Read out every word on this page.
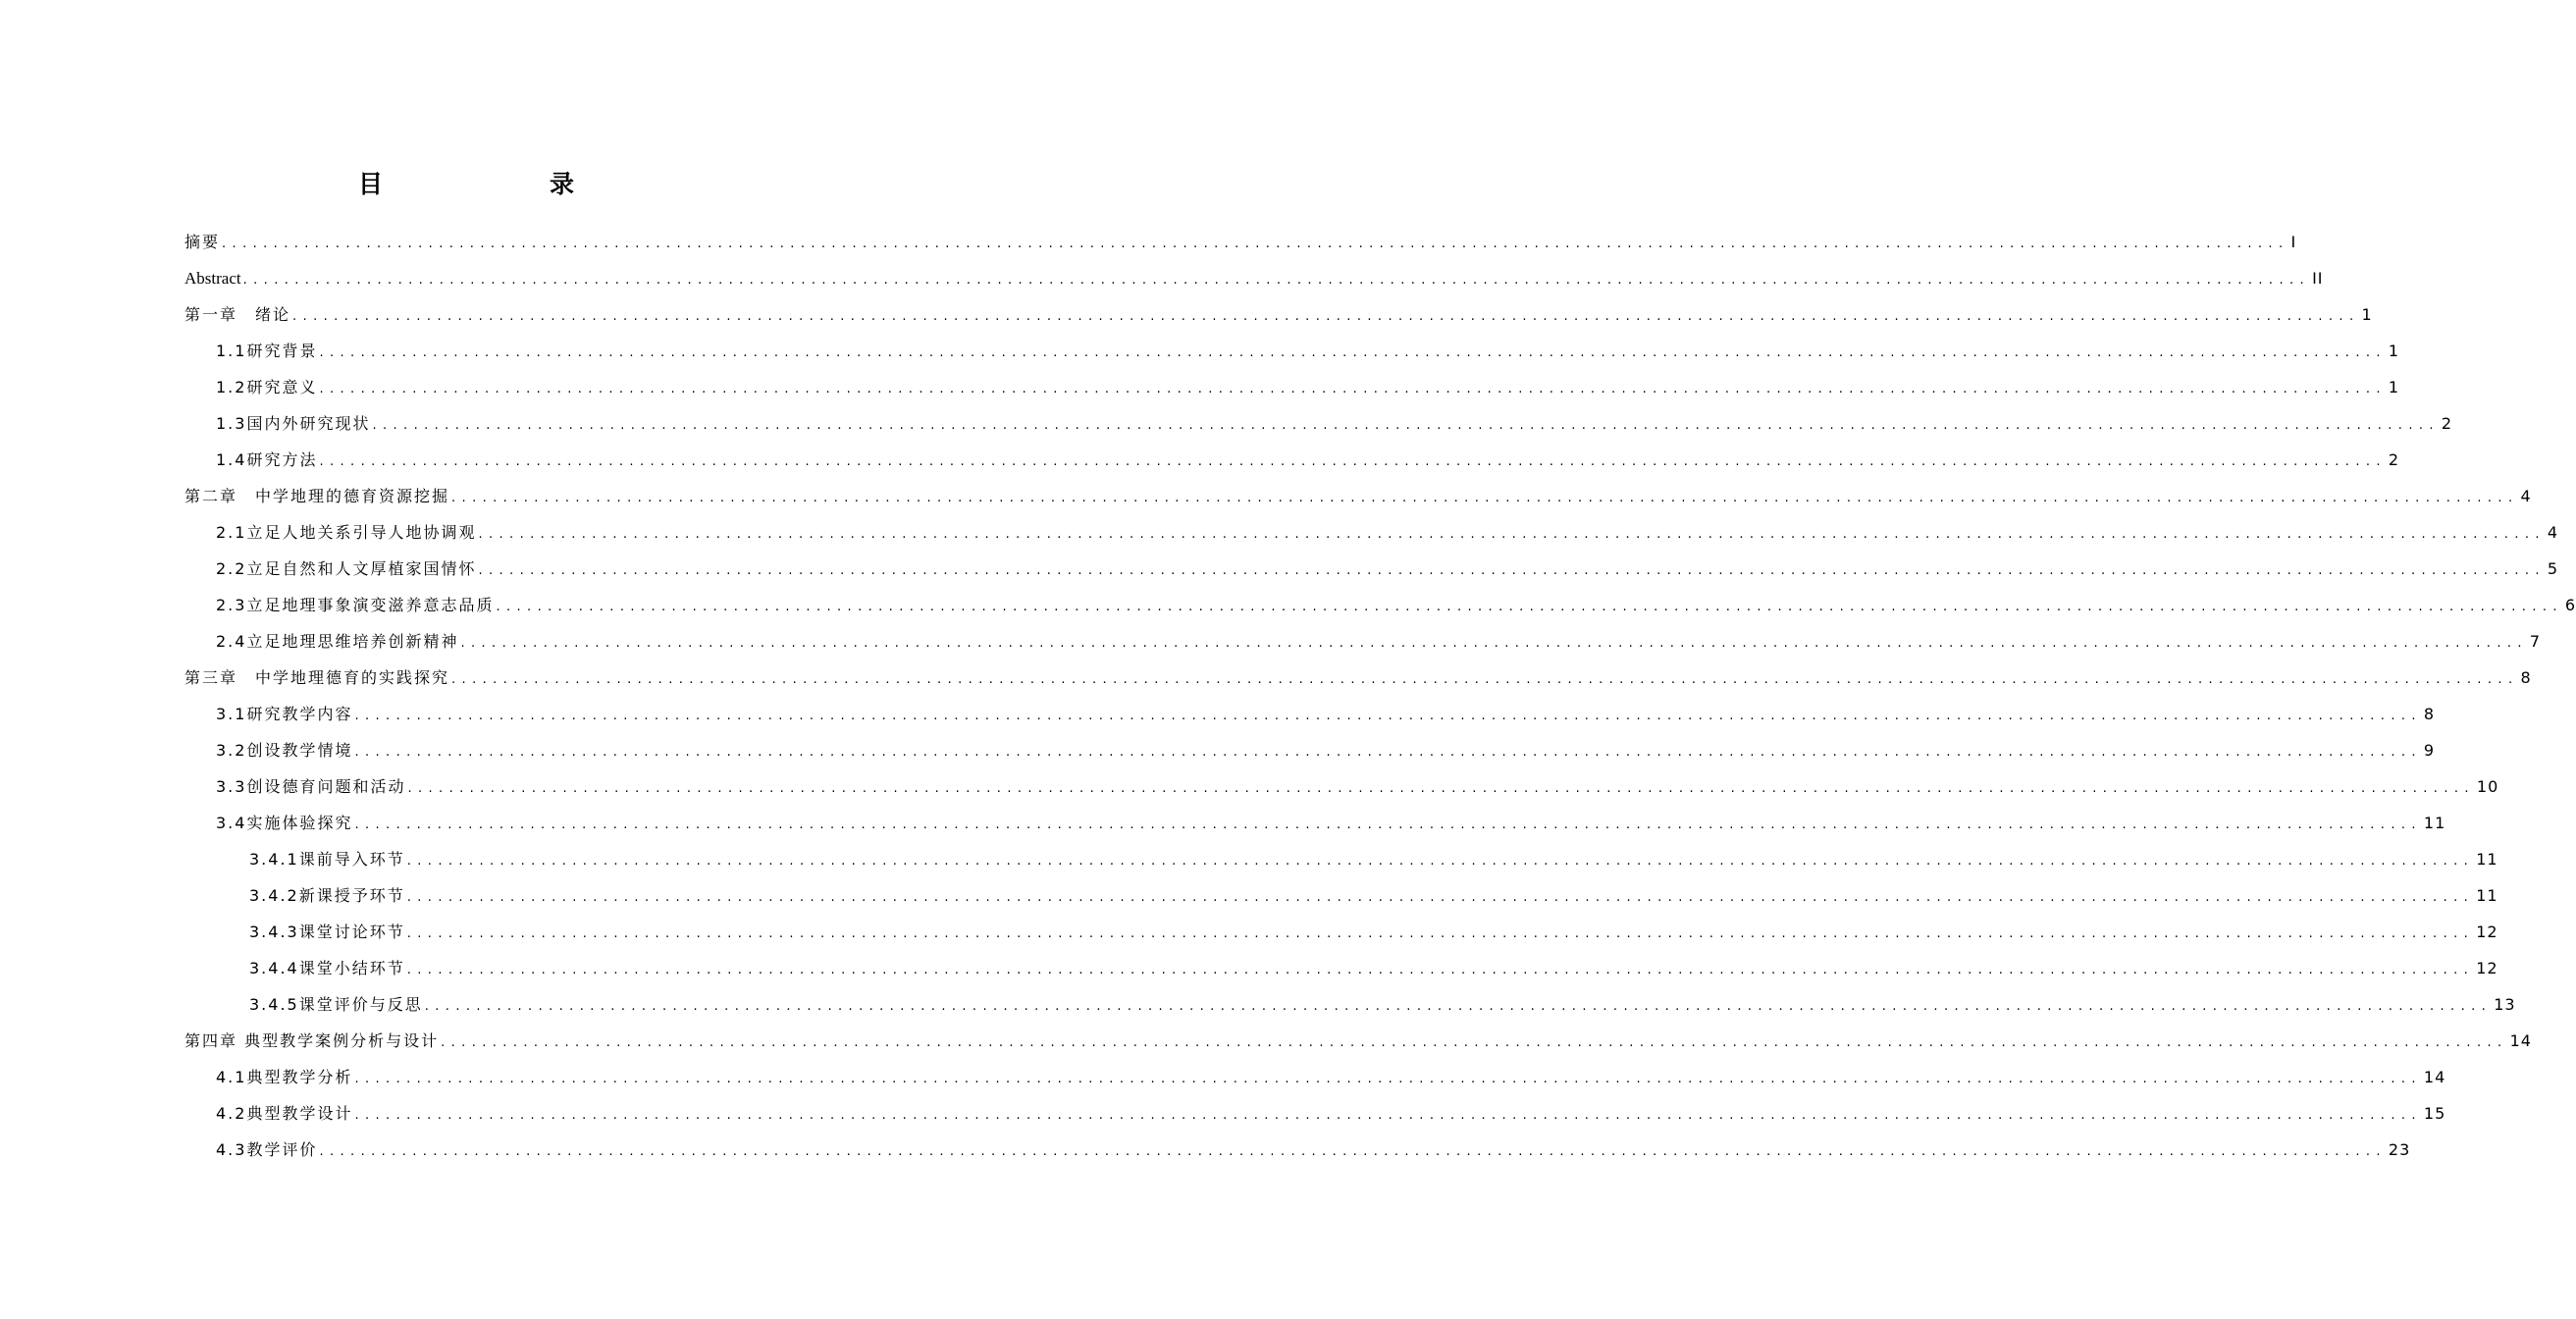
目　　录
摘要 ........................................................................................................................................................................................................ I
Abstract ........................................................................................................................................................................................................ II
第一章　绪论 ........................................................................................................................................................................................................ 1
1.1研究背景 ........................................................................................................................................................................................................ 1
1.2研究意义 ........................................................................................................................................................................................................ 1
1.3国内外研究现状 ........................................................................................................................................................................................................ 2
1.4研究方法 ........................................................................................................................................................................................................ 2
第二章　中学地理的德育资源挖掘 ........................................................................................................................................................................................................ 4
2.1立足人地关系引导人地协调观 ........................................................................................................................................................................................................ 4
2.2立足自然和人文厚植家国情怀 ........................................................................................................................................................................................................ 5
2.3立足地理事象演变滋养意志品质 ........................................................................................................................................................................................................ 6
2.4立足地理思维培养创新精神 ........................................................................................................................................................................................................ 7
第三章　中学地理德育的实践探究 ........................................................................................................................................................................................................ 8
3.1研究教学内容 ........................................................................................................................................................................................................ 8
3.2创设教学情境 ........................................................................................................................................................................................................ 9
3.3创设德育问题和活动 ........................................................................................................................................................................................................ 10
3.4实施体验探究 ........................................................................................................................................................................................................ 11
3.4.1课前导入环节 ........................................................................................................................................................................................................ 11
3.4.2新课授予环节 ........................................................................................................................................................................................................ 11
3.4.3课堂讨论环节 ........................................................................................................................................................................................................ 12
3.4.4课堂小结环节 ........................................................................................................................................................................................................ 12
3.4.5课堂评价与反思 ........................................................................................................................................................................................................ 13
第四章 典型教学案例分析与设计 ........................................................................................................................................................................................................ 14
4.1典型教学分析 ........................................................................................................................................................................................................ 14
4.2典型教学设计 ........................................................................................................................................................................................................ 15
4.3教学评价 ........................................................................................................................................................................................................ 23
